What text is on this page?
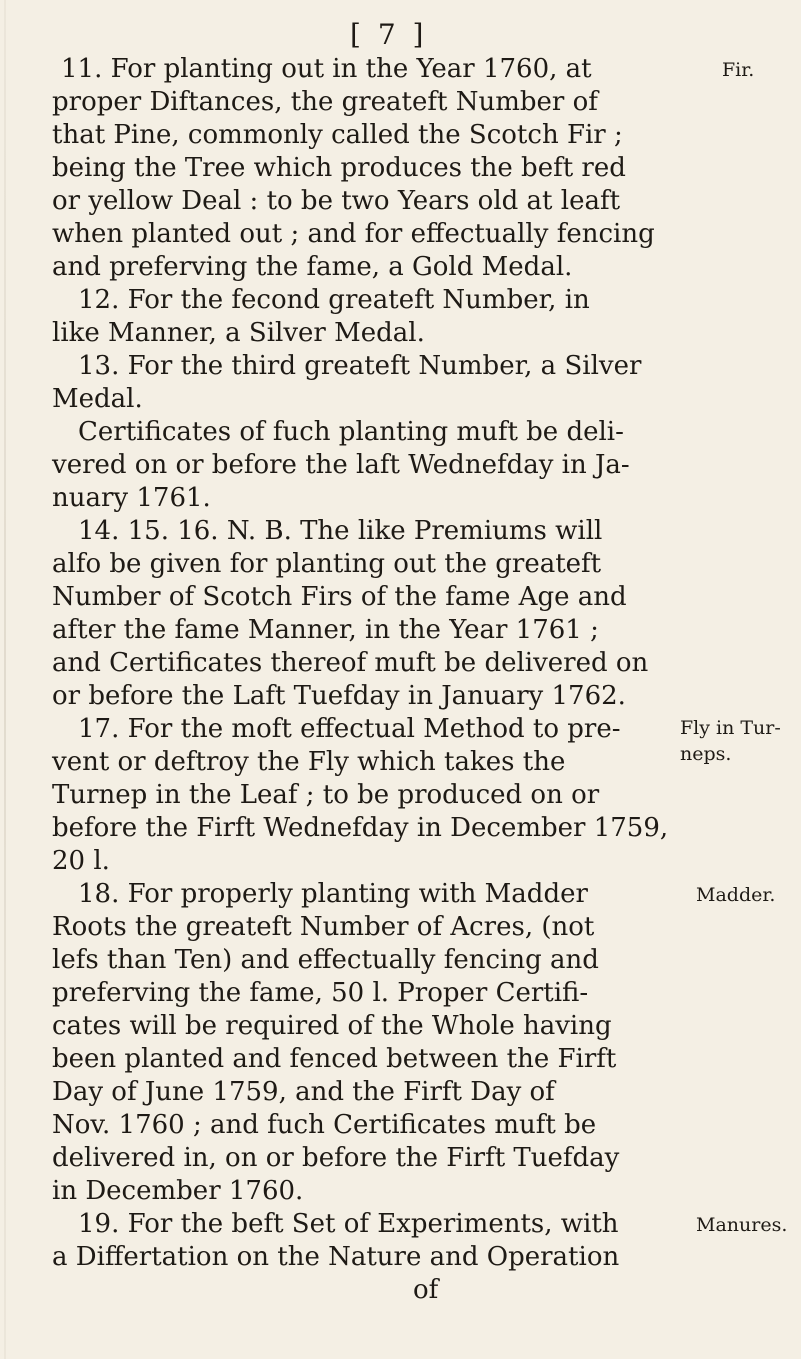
[ 7 ]
11. For planting out in the Year 1760, at
proper Diftances, the greateft Number of
that Pine, commonly called the Scotch Fir ;
being the Tree which produces the beft red
or yellow Deal : to be two Years old at leaft
when planted out ; and for effectually fencing
and preferving the fame, a Gold Medal.
12. For the fecond greateft Number, in
like Manner, a Silver Medal.
13. For the third greateft Number, a Silver
Medal.
Certificates of fuch planting muft be deli-
vered on or before the laft Wednefday in Ja-
nuary 1761.
14. 15. 16. N. B. The like Premiums will
alfo be given for planting out the greateft
Number of Scotch Firs of the fame Age and
after the fame Manner, in the Year 1761 ;
and Certificates thereof muft be delivered on
or before the Laft Tuefday in January 1762.
17. For the moft effectual Method to pre-
vent or deftroy the Fly which takes the
Turnep in the Leaf ; to be produced on or
before the Firft Wednefday in December 1759,
20 l.
18. For properly planting with Madder
Roots the greateft Number of Acres, (not
lefs than Ten) and effectually fencing and
preferving the fame, 50 l. Proper Certifi-
cates will be required of the Whole having
been planted and fenced between the Firft
Day of June 1759, and the Firft Day of
Nov. 1760 ; and fuch Certificates muft be
delivered in, on or before the Firft Tuefday
in December 1760.
19. For the beft Set of Experiments, with
a Differtation on the Nature and Operation
of
Fir.
Fly in Tur-
neps.
Madder.
Manures.
